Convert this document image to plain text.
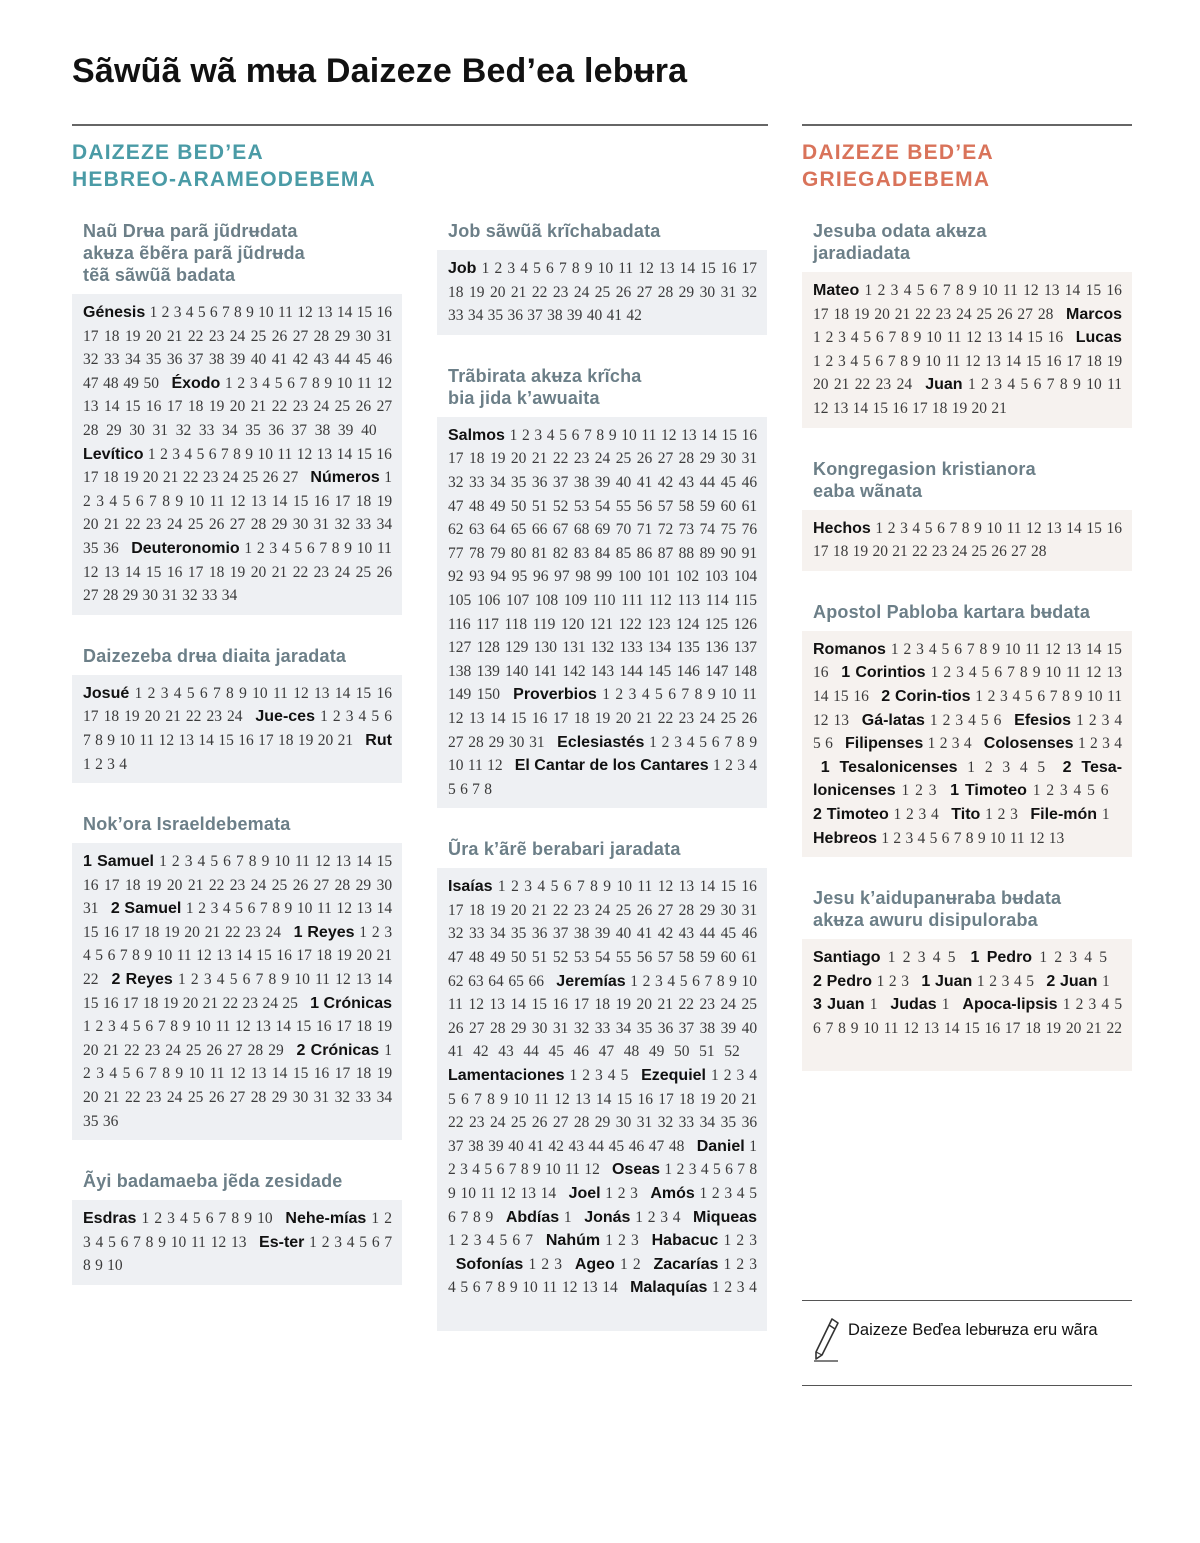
Sãwũã wã mʉa Daizeze Bed’ea lebʉra
DAIZEZE BED’EA
HEBREO-ARAMEODEBEMA
DAIZEZE BED’EA
GRIEGADEBEMA
Naũ Drʉa parã jũdrʉdata
akʉza ẽbẽra parã jũdrʉda
tẽã sãwũã badata
Génesis 1 2 3 4 5 6 7 8 9 10 11 12 13 14 15 16 17 18 19 20 21 22 23 24 25 26 27 28 29 30 31 32 33 34 35 36 37 38 39 40 41 42 43 44 45 46 47 48 49 50   Éxodo 1 2 3 4 5 6 7 8 9 10 11 12 13 14 15 16 17 18 19 20 21 22 23 24 25 26 27 28 29 30 31 32 33 34 35 36 37 38 39 40  Levítico 1 2 3 4 5 6 7 8 9 10 11 12 13 14 15 16 17 18 19 20 21 22 23 24 25 26 27   Números 1 2 3 4 5 6 7 8 9 10 11 12 13 14 15 16 17 18 19 20 21 22 23 24 25 26 27 28 29 30 31 32 33 34 35 36   Deuteronomio 1 2 3 4 5 6 7 8 9 10 11 12 13 14 15 16 17 18 19 20 21 22 23 24 25 26 27 28 29 30 31 32 33 34  
Daizezeba drʉa diaita jaradata
Josué 1 2 3 4 5 6 7 8 9 10 11 12 13 14 15 16 17 18 19 20 21 22 23 24   Jue-ces 1 2 3 4 5 6 7 8 9 10 11 12 13 14 15 16 17 18 19 20 21   Rut 1 2 3 4  
Nok’ora Israeldebemata
1 Samuel 1 2 3 4 5 6 7 8 9 10 11 12 13 14 15 16 17 18 19 20 21 22 23 24 25 26 27 28 29 30 31   2 Samuel 1 2 3 4 5 6 7 8 9 10 11 12 13 14 15 16 17 18 19 20 21 22 23 24   1 Reyes 1 2 3 4 5 6 7 8 9 10 11 12 13 14 15 16 17 18 19 20 21 22   2 Reyes 1 2 3 4 5 6 7 8 9 10 11 12 13 14 15 16 17 18 19 20 21 22 23 24 25   1 Crónicas 1 2 3 4 5 6 7 8 9 10 11 12 13 14 15 16 17 18 19 20 21 22 23 24 25 26 27 28 29   2 Crónicas 1 2 3 4 5 6 7 8 9 10 11 12 13 14 15 16 17 18 19 20 21 22 23 24 25 26 27 28 29 30 31 32 33 34 35 36  
Ãyi badamaeba jẽda zesidade
Esdras 1 2 3 4 5 6 7 8 9 10   Nehe-mías 1 2 3 4 5 6 7 8 9 10 11 12 13   Es-ter 1 2 3 4 5 6 7 8 9 10  
Job sãwũã krĩchabadata
Job 1 2 3 4 5 6 7 8 9 10 11 12 13 14 15 16 17 18 19 20 21 22 23 24 25 26 27 28 29 30 31 32 33 34 35 36 37 38 39 40 41 42  
Trãbirata akʉza krĩcha
bia jida k’awuaita
Salmos 1 2 3 4 5 6 7 8 9 10 11 12 13 14 15 16 17 18 19 20 21 22 23 24 25 26 27 28 29 30 31 32 33 34 35 36 37 38 39 40 41 42 43 44 45 46 47 48 49 50 51 52 53 54 55 56 57 58 59 60 61 62 63 64 65 66 67 68 69 70 71 72 73 74 75 76 77 78 79 80 81 82 83 84 85 86 87 88 89 90 91 92 93 94 95 96 97 98 99 100 101 102 103 104 105 106 107 108 109 110 111 112 113 114 115 116 117 118 119 120 121 122 123 124 125 126 127 128 129 130 131 132 133 134 135 136 137 138 139 140 141 142 143 144 145 146 147 148 149 150   Proverbios 1 2 3 4 5 6 7 8 9 10 11 12 13 14 15 16 17 18 19 20 21 22 23 24 25 26 27 28 29 30 31   Eclesiastés 1 2 3 4 5 6 7 8 9 10 11 12   El Cantar de los Cantares 1 2 3 4 5 6 7 8  
Ũra k’ãrẽ berabari jaradata
Isaías 1 2 3 4 5 6 7 8 9 10 11 12 13 14 15 16 17 18 19 20 21 22 23 24 25 26 27 28 29 30 31 32 33 34 35 36 37 38 39 40 41 42 43 44 45 46 47 48 49 50 51 52 53 54 55 56 57 58 59 60 61 62 63 64 65 66   Jeremías 1 2 3 4 5 6 7 8 9 10 11 12 13 14 15 16 17 18 19 20 21 22 23 24 25 26 27 28 29 30 31 32 33 34 35 36 37 38 39 40 41 42 43 44 45 46 47 48 49 50 51 52  Lamentaciones 1 2 3 4 5   Ezequiel 1 2 3 4 5 6 7 8 9 10 11 12 13 14 15 16 17 18 19 20 21 22 23 24 25 26 27 28 29 30 31 32 33 34 35 36 37 38 39 40 41 42 43 44 45 46 47 48   Daniel 1 2 3 4 5 6 7 8 9 10 11 12   Oseas 1 2 3 4 5 6 7 8 9 10 11 12 13 14   Joel 1 2 3   Amós 1 2 3 4 5 6 7 8 9   Abdías 1   Jonás 1 2 3 4   Miqueas 1 2 3 4 5 6 7   Nahúm 1 2 3   Habacuc 1 2 3  Sofonías 1 2 3   Ageo 1 2   Zacarías 1 2 3 4 5 6 7 8 9 10 11 12 13 14   Malaquías 1 2 3 4  
Jesuba odata akʉza
jaradiadata
Mateo 1 2 3 4 5 6 7 8 9 10 11 12 13 14 15 16 17 18 19 20 21 22 23 24 25 26 27 28   Marcos 1 2 3 4 5 6 7 8 9 10 11 12 13 14 15 16   Lucas 1 2 3 4 5 6 7 8 9 10 11 12 13 14 15 16 17 18 19 20 21 22 23 24   Juan 1 2 3 4 5 6 7 8 9 10 11 12 13 14 15 16 17 18 19 20 21  
Kongregasion kristianora
eaba wãnata
Hechos 1 2 3 4 5 6 7 8 9 10 11 12 13 14 15 16 17 18 19 20 21 22 23 24 25 26 27 28  
Apostol Pabloba kartara bʉdata
Romanos 1 2 3 4 5 6 7 8 9 10 11 12 13 14 15 16   1 Corintios 1 2 3 4 5 6 7 8 9 10 11 12 13 14 15 16   2 Corin-tios 1 2 3 4 5 6 7 8 9 10 11 12 13   Gá-latas 1 2 3 4 5 6   Efesios 1 2 3 4 5 6   Filipenses 1 2 3 4   Colosenses 1 2 3 4  1 Tesalonicenses 1 2 3 4 5   2 Tesa-lonicenses 1 2 3   1 Timoteo 1 2 3 4 5 6  2 Timoteo 1 2 3 4   Tito 1 2 3   File-món 1  Hebreos 1 2 3 4 5 6 7 8 9 10 11 12 13  
Jesu k’aidupanʉraba bʉdata
akʉza awuru disipuloraba
Santiago 1 2 3 4 5   1 Pedro 1 2 3 4 5  2 Pedro 1 2 3   1 Juan 1 2 3 4 5   2 Juan 1  3 Juan 1   Judas 1   Apoca-lipsis 1 2 3 4 5 6 7 8 9 10 11 12 13 14 15 16 17 18 19 20 21 22  
Daizeze Beďea lebʉrʉza eru wãra
